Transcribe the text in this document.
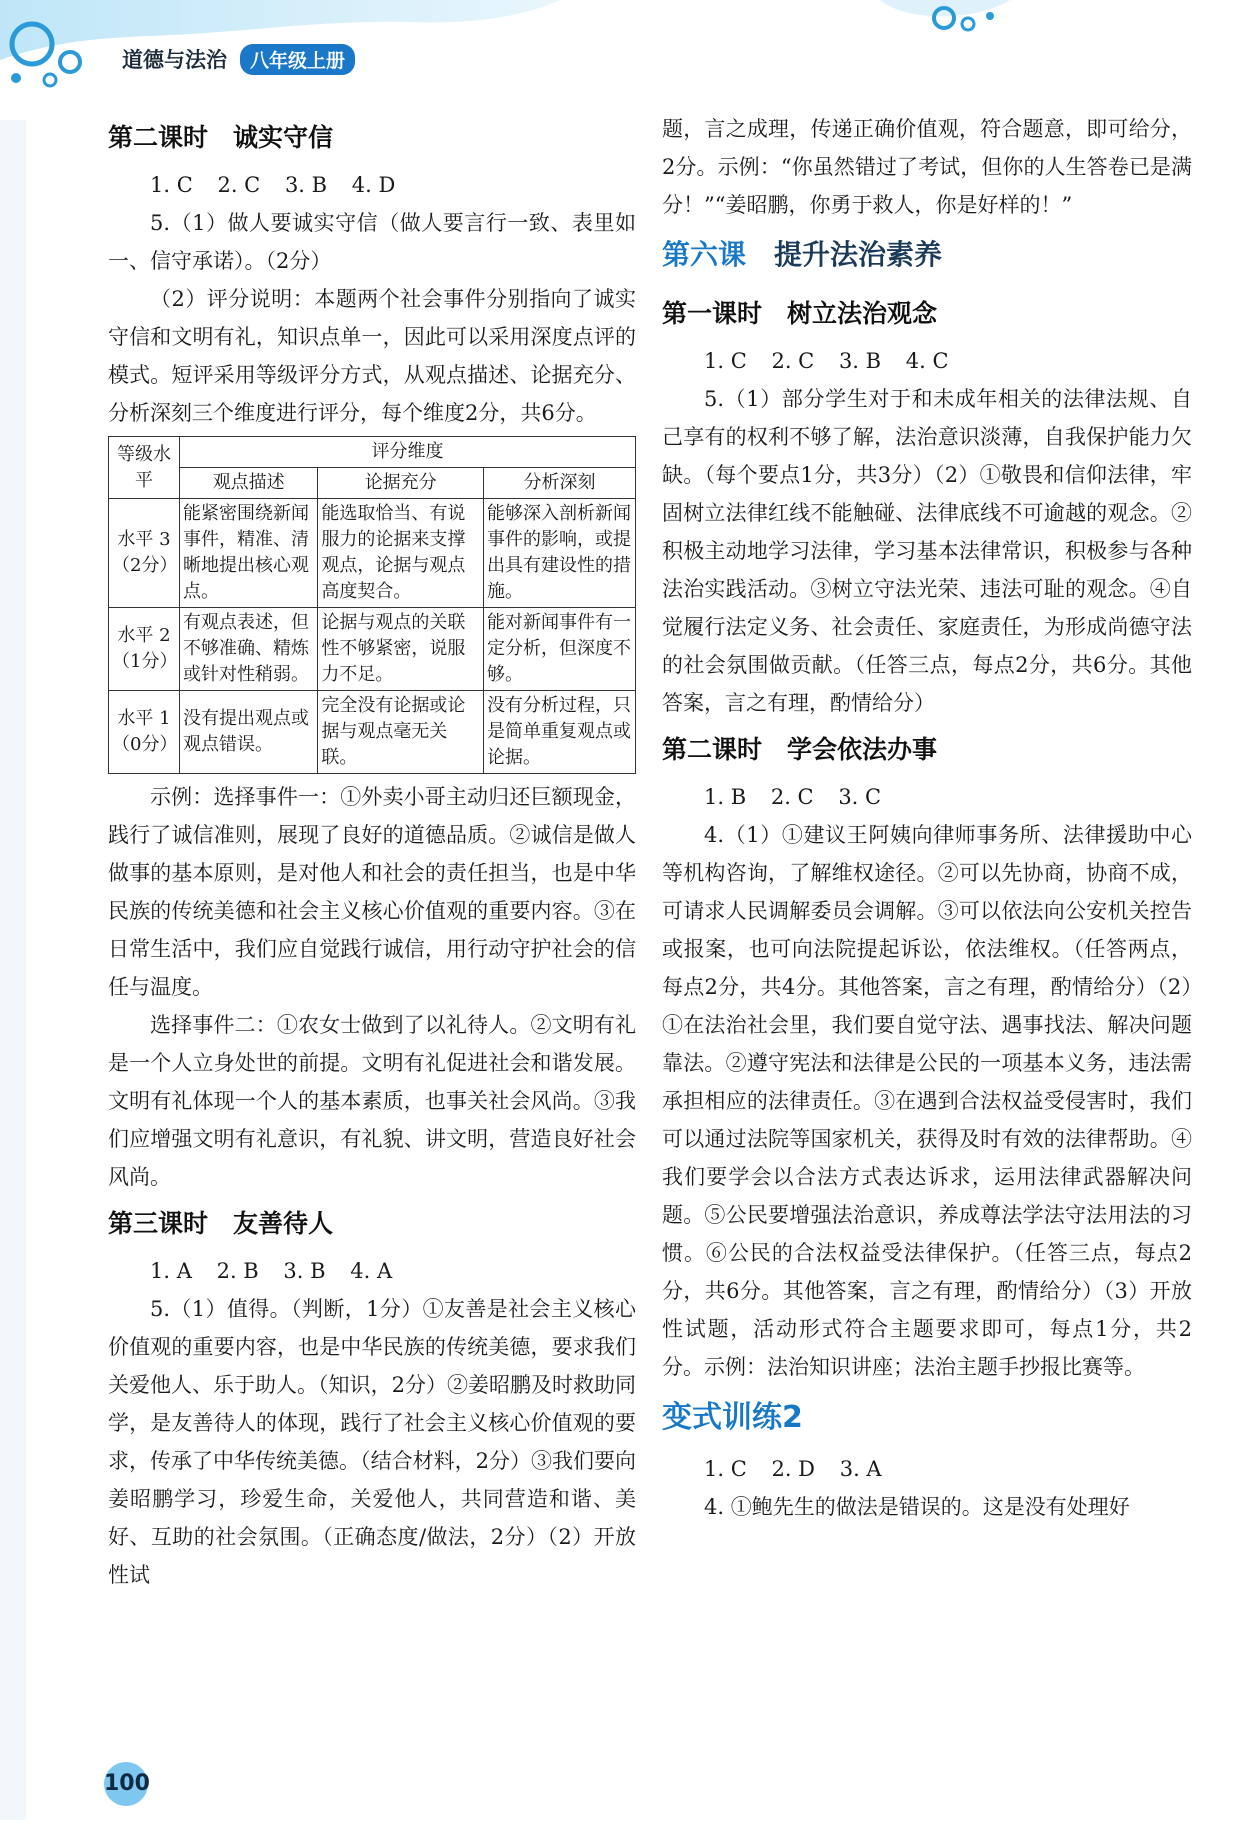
道德与法治	八年级上册

第二课时　诚实守信

1. C 2. C 3. B 4. D

5.（1）做人要诚实守信（做人要言行一致、表里如一、信守承诺）。（2分）

（2）评分说明：本题两个社会事件分别指向了诚实守信和文明有礼，知识点单一，因此可以采用深度点评的模式。短评采用等级评分方式，从观点描述、论据充分、分析深刻三个维度进行评分，每个维度2分，共6分。

等级水平	评分维度		
	观点描述	论据充分	分析深刻
水平 3（2分）	能紧密围绕新闻事件，精准、清晰地提出核心观点。	能选取恰当、有说服力的论据来支撑观点，论据与观点高度契合。	能够深入剖析新闻事件的影响，或提出具有建设性的措施。
水平 2（1分）	有观点表述，但不够准确、精炼或针对性稍弱。	论据与观点的关联性不够紧密，说服力不足。	能对新闻事件有一定分析，但深度不够。
水平 1（0分）	没有提出观点或观点错误。	完全没有论据或论据与观点毫无关联。	没有分析过程，只是简单重复观点或论据。

示例：选择事件一：①外卖小哥主动归还巨额现金，践行了诚信准则，展现了良好的道德品质。②诚信是做人做事的基本原则，是对他人和社会的责任担当，也是中华民族的传统美德和社会主义核心价值观的重要内容。③在日常生活中，我们应自觉践行诚信，用行动守护社会的信任与温度。

选择事件二：①农女士做到了以礼待人。②文明有礼是一个人立身处世的前提。文明有礼促进社会和谐发展。文明有礼体现一个人的基本素质，也事关社会风尚。③我们应增强文明有礼意识，有礼貌、讲文明，营造良好社会风尚。

第三课时　友善待人

1. A 2. B 3. B 4. A

5.（1）值得。（判断，1分）①友善是社会主义核心价值观的重要内容，也是中华民族的传统美德，要求我们关爱他人、乐于助人。（知识，2分）②姜昭鹏及时救助同学，是友善待人的体现，践行了社会主义核心价值观的要求，传承了中华传统美德。（结合材料，2分）③我们要向姜昭鹏学习，珍爱生命，关爱他人，共同营造和谐、美好、互助的社会氛围。（正确态度/做法，2分）（2）开放性试

题，言之成理，传递正确价值观，符合题意，即可给分，2分。示例：“你虽然错过了考试，但你的人生答卷已是满分！”“姜昭鹏，你勇于救人，你是好样的！”

第六课　 提升法治素养

第一课时　树立法治观念

1. C 2. C 3. B 4. C

5.（1）部分学生对于和未成年相关的法律法规、自己享有的权利不够了解，法治意识淡薄，自我保护能力欠缺。（每个要点1分，共3分）（2）①敬畏和信仰法律，牢固树立法律红线不能触碰、法律底线不可逾越的观念。②积极主动地学习法律，学习基本法律常识，积极参与各种法治实践活动。③树立守法光荣、违法可耻的观念。④自觉履行法定义务、社会责任、家庭责任，为形成尚德守法的社会氛围做贡献。（任答三点，每点2分，共6分。其他答案，言之有理，酌情给分）

第二课时　学会依法办事

1. B 2. C 3. C

4.（1）①建议王阿姨向律师事务所、法律援助中心等机构咨询，了解维权途径。②可以先协商，协商不成，可请求人民调解委员会调解。③可以依法向公安机关控告或报案，也可向法院提起诉讼，依法维权。（任答两点，每点2分，共4分。其他答案，言之有理，酌情给分）（2）①在法治社会里，我们要自觉守法、遇事找法、解决问题靠法。②遵守宪法和法律是公民的一项基本义务，违法需承担相应的法律责任。③在遇到合法权益受侵害时，我们可以通过法院等国家机关，获得及时有效的法律帮助。④我们要学会以合法方式表达诉求，运用法律武器解决问题。⑤公民要增强法治意识，养成尊法学法守法用法的习惯。⑥公民的合法权益受法律保护。（任答三点，每点2分，共6分。其他答案，言之有理，酌情给分）（3）开放性试题，活动形式符合主题要求即可，每点1分，共2分。示例：法治知识讲座；法治主题手抄报比赛等。

变式训练2

1. C 2. D 3. A

4. ①鲍先生的做法是错误的。这是没有处理好

100
